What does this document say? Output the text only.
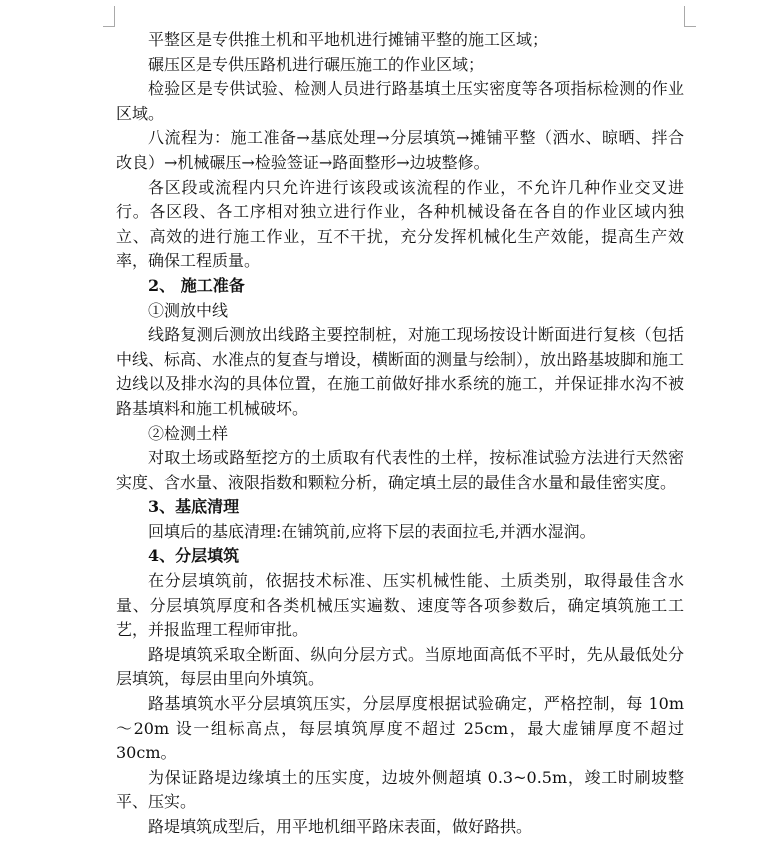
平整区是专供推土机和平地机进行摊铺平整的施工区域；

碾压区是专供压路机进行碾压施工的作业区域；

检验区是专供试验、检测人员进行路基填土压实密度等各项指标检测的作业区域。

八流程为：施工准备→基底处理→分层填筑→摊铺平整（洒水、晾晒、拌合改良）→机械碾压→检验签证→路面整形→边坡整修。

各区段或流程内只允许进行该段或该流程的作业，不允许几种作业交叉进行。各区段、各工序相对独立进行作业，各种机械设备在各自的作业区域内独立、高效的进行施工作业，互不干扰，充分发挥机械化生产效能，提高生产效率，确保工程质量。

2、 施工准备

①测放中线

线路复测后测放出线路主要控制桩，对施工现场按设计断面进行复核（包括中线、标高、水准点的复查与增设，横断面的测量与绘制），放出路基坡脚和施工边线以及排水沟的具体位置，在施工前做好排水系统的施工，并保证排水沟不被路基填料和施工机械破坏。

②检测土样

对取土场或路堑挖方的土质取有代表性的土样，按标准试验方法进行天然密实度、含水量、液限指数和颗粒分析，确定填土层的最佳含水量和最佳密实度。

3、基底清理

回填后的基底清理:在铺筑前,应将下层的表面拉毛,并洒水湿润。

4、分层填筑

在分层填筑前，依据技术标准、压实机械性能、土质类别，取得最佳含水量、分层填筑厚度和各类机械压实遍数、速度等各项参数后，确定填筑施工工艺，并报监理工程师审批。

路堤填筑采取全断面、纵向分层方式。当原地面高低不平时，先从最低处分层填筑，每层由里向外填筑。

路基填筑水平分层填筑压实，分层厚度根据试验确定，严格控制，每 10m～20m 设一组标高点，每层填筑厚度不超过 25cm，最大虚铺厚度不超过 30cm。

为保证路堤边缘填土的压实度，边坡外侧超填 0.3~0.5m，竣工时刷坡整平、压实。

路堤填筑成型后，用平地机细平路床表面，做好路拱。
